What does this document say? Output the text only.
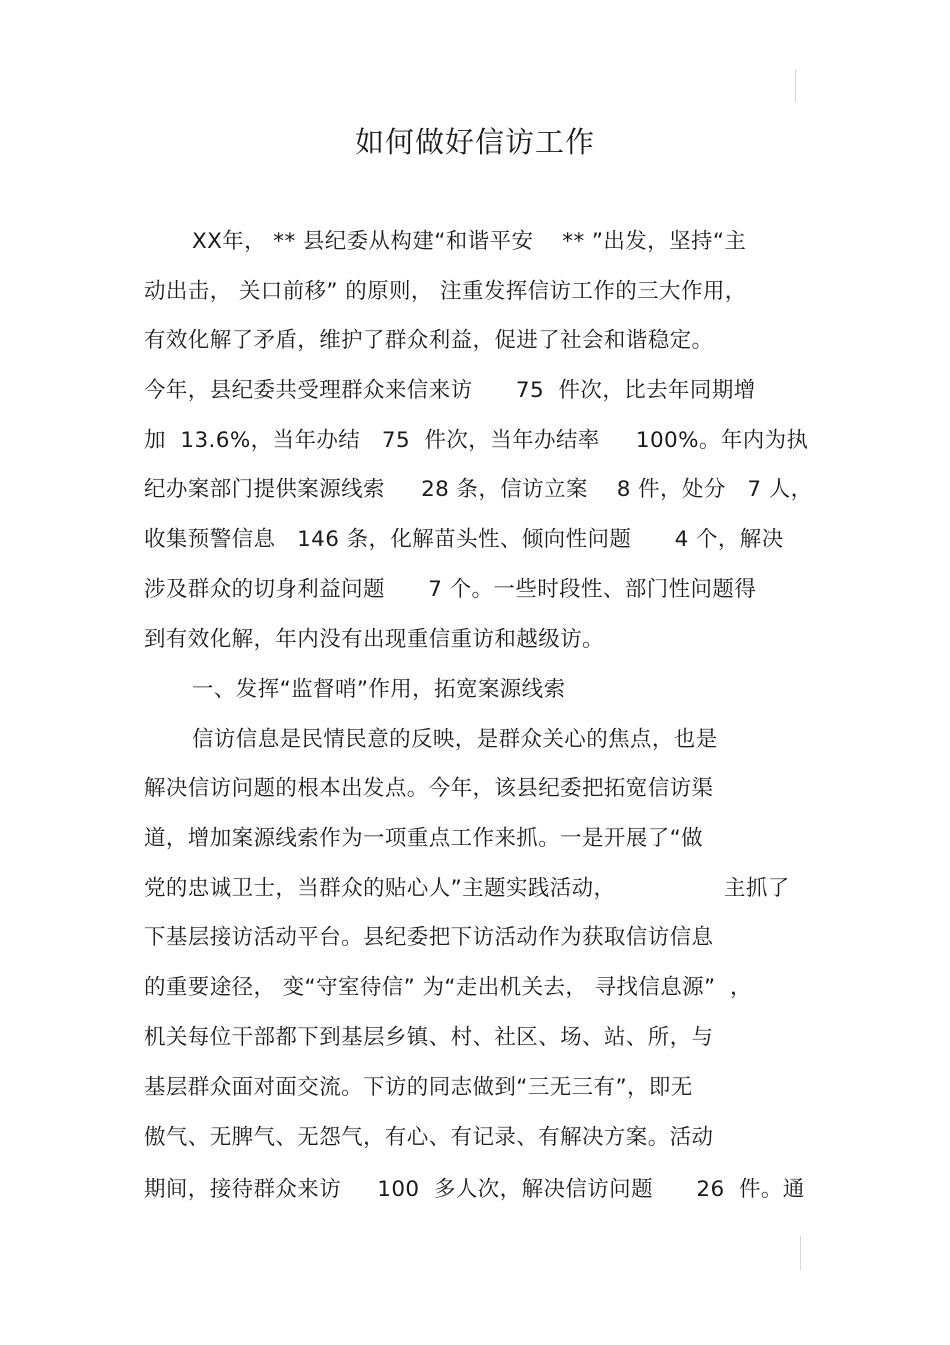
如何做好信访工作
XX年， ** 县纪委从构建“和谐平安    ** ”出发，坚持“主
动出击， 关口前移” 的原则， 注重发挥信访工作的三大作用，
有效化解了矛盾，维护了群众利益，促进了社会和谐稳定。
今年，县纪委共受理群众来信来访      75  件次，比去年同期增
加  13.6%，当年办结   75  件次，当年办结率     100%。年内为执
纪办案部门提供案源线索     28 条，信访立案    8 件，处分   7 人，
收集预警信息   146 条，化解苗头性、倾向性问题      4 个，解决
涉及群众的切身利益问题      7 个。一些时段性、部门性问题得
到有效化解，年内没有出现重信重访和越级访。
一、发挥“监督哨”作用，拓宽案源线索
信访信息是民情民意的反映，是群众关心的焦点，也是
解决信访问题的根本出发点。今年，该县纪委把拓宽信访渠
道，增加案源线索作为一项重点工作来抓。一是开展了“做
党的忠诚卫士，当群众的贴心人”主题实践活动，               主抓了
下基层接访活动平台。县纪委把下访活动作为获取信访信息
的重要途径， 变“守室待信” 为“走出机关去， 寻找信息源”  ，
机关每位干部都下到基层乡镇、村、社区、场、站、所，与
基层群众面对面交流。下访的同志做到“三无三有”，即无
傲气、无脾气、无怨气，有心、有记录、有解决方案。活动
期间，接待群众来访     100  多人次，解决信访问题      26  件。通
